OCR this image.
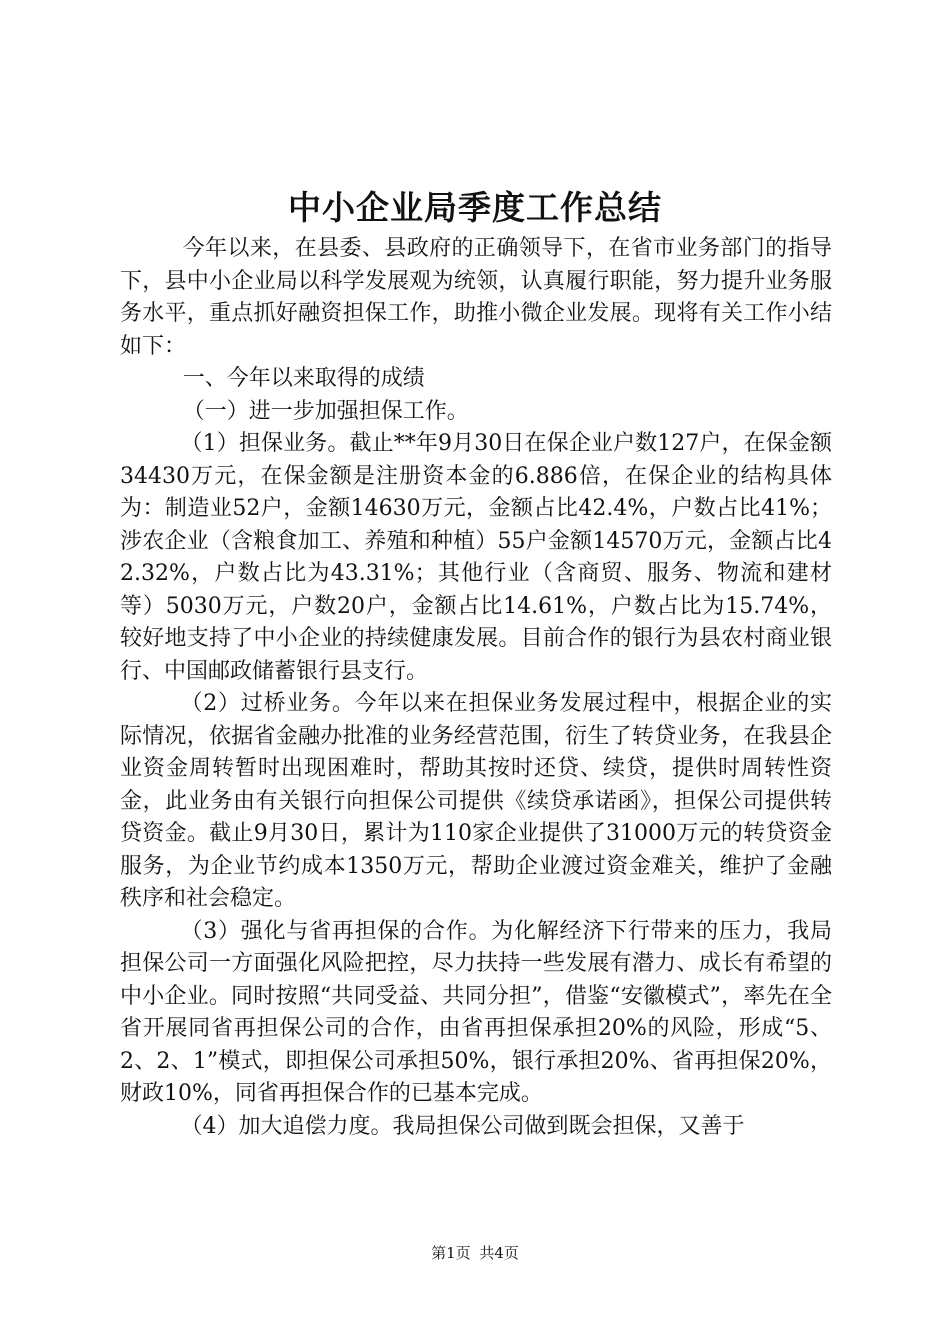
中小企业局季度工作总结

今年以来，在县委、县政府的正确领导下，在省市业务部门的指导下，县中小企业局以科学发展观为统领，认真履行职能，努力提升业务服务水平，重点抓好融资担保工作，助推小微企业发展。现将有关工作小结如下：

一、今年以来取得的成绩

（一）进一步加强担保工作。

（1）担保业务。截止**年9月30日在保企业户数127户，在保金额34430万元，在保金额是注册资本金的6.886倍，在保企业的结构具体为：制造业52户，金额14630万元，金额占比42.4%，户数占比41%；涉农企业（含粮食加工、养殖和种植）55户金额14570万元，金额占比42.32%，户数占比为43.31%；其他行业（含商贸、服务、物流和建材等）5030万元，户数20户，金额占比14.61%，户数占比为15.74%，较好地支持了中小企业的持续健康发展。目前合作的银行为县农村商业银行、中国邮政储蓄银行县支行。

（2）过桥业务。今年以来在担保业务发展过程中，根据企业的实际情况，依据省金融办批准的业务经营范围，衍生了转贷业务，在我县企业资金周转暂时出现困难时，帮助其按时还贷、续贷，提供时周转性资金，此业务由有关银行向担保公司提供《续贷承诺函》，担保公司提供转贷资金。截止9月30日，累计为110家企业提供了31000万元的转贷资金服务，为企业节约成本1350万元，帮助企业渡过资金难关，维护了金融秩序和社会稳定。

（3）强化与省再担保的合作。为化解经济下行带来的压力，我局担保公司一方面强化风险把控，尽力扶持一些发展有潜力、成长有希望的中小企业。同时按照“共同受益、共同分担”，借鉴“安徽模式”，率先在全省开展同省再担保公司的合作，由省再担保承担20%的风险，形成“5、2、2、1”模式，即担保公司承担50%，银行承担20%、省再担保20%，财政10%，同省再担保合作的已基本完成。

（4）加大追偿力度。我局担保公司做到既会担保，又善于

第1页 共4页
